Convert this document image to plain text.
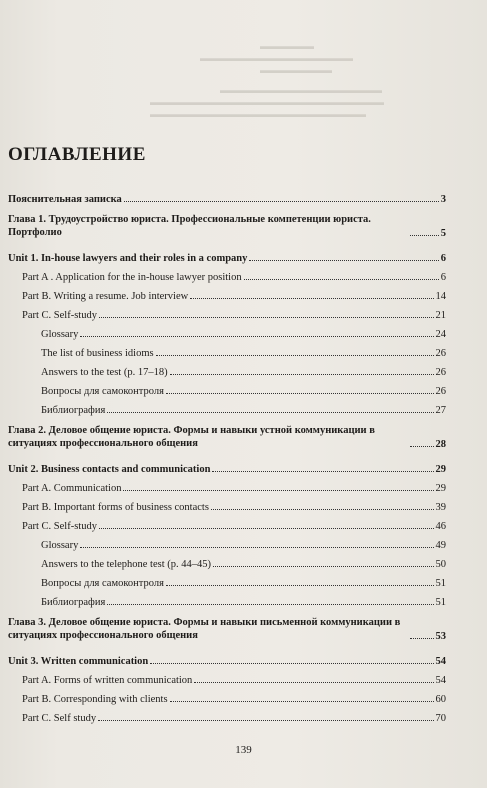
▬▬▬▬▬▬
▬▬▬▬▬▬▬▬▬▬▬▬▬▬▬▬▬
▬▬▬▬▬▬▬▬
▬▬▬▬▬▬▬▬▬▬▬▬▬▬▬▬▬▬
▬▬▬▬▬▬▬▬▬▬▬▬▬▬▬▬▬▬▬▬▬▬▬▬▬▬
▬▬▬▬▬▬▬▬▬▬▬▬▬▬▬▬▬▬▬▬▬▬▬▬
ОГЛАВЛЕНИЕ
Пояснительная записка	3
Глава 1. Трудоустройство юриста. Профессиональные компетенции юриста. Портфолио	5
Unit 1. In-house lawyers and their roles in a company	6
Part A . Application for the in-house lawyer position	6
Part B. Writing a resume. Job interview	14
Part C. Self-study	21
Glossary	24
The list of business idioms	26
Answers to the test (p. 17–18)	26
Вопросы для самоконтроля	26
Библиография	27
Глава 2. Деловое общение юриста. Формы и навыки устной коммуникации в ситуациях профессионального общения	28
Unit 2. Business contacts and communication	29
Part A. Communication	29
Part B. Important forms of business contacts	39
Part C. Self-study	46
Glossary	49
Answers to the telephone test (p. 44–45)	50
Вопросы для самоконтроля	51
Библиография	51
Глава 3. Деловое общение юриста. Формы и навыки письменной коммуникации в ситуациях профессионального общения	53
Unit 3. Written communication	54
Part A. Forms of written communication	54
Part B. Corresponding with clients	60
Part C. Self study	70
139
